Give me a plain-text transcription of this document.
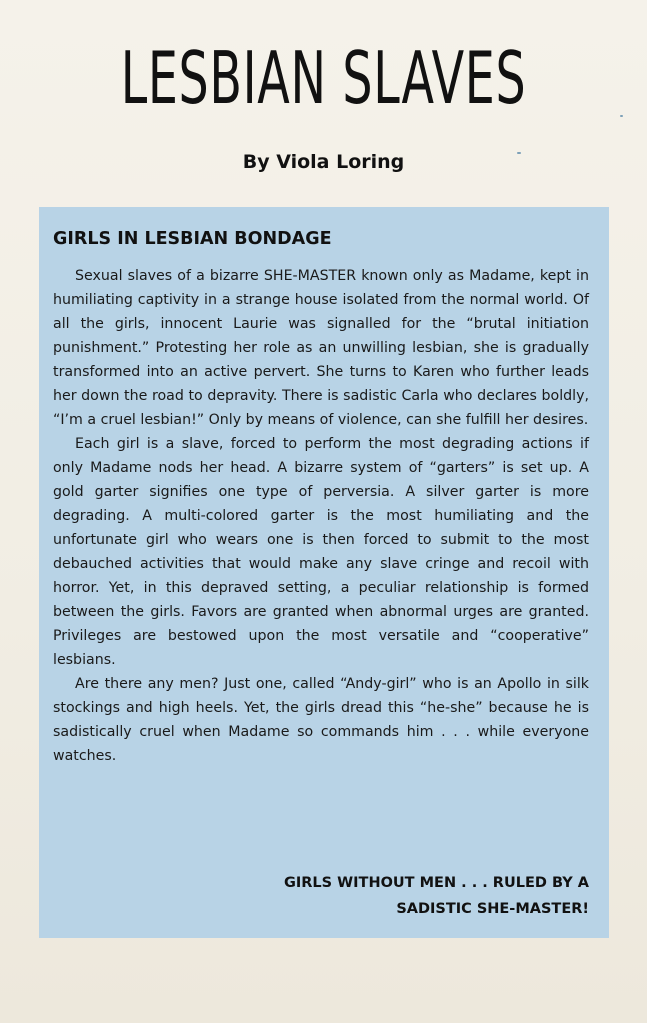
LESBIAN SLAVES
By Viola Loring
GIRLS IN LESBIAN BONDAGE

Sexual slaves of a bizarre SHE-MASTER known only as Madame, kept in humiliating captivity in a strange house isolated from the normal world. Of all the girls, innocent Laurie was signalled for the “brutal initiation punishment.” Protesting her role as an unwilling lesbian, she is gradually transformed into an active pervert. She turns to Karen who further leads her down the road to depravity. There is sadistic Carla who declares boldly, “I’m a cruel lesbian!” Only by means of violence, can she fulfill her desires.

Each girl is a slave, forced to perform the most degrading actions if only Madame nods her head. A bizarre system of “garters” is set up. A gold garter signifies one type of perversia. A silver garter is more degrading. A multi-colored garter is the most humiliating and the unfortunate girl who wears one is then forced to submit to the most debauched activities that would make any slave cringe and recoil with horror. Yet, in this depraved setting, a peculiar relationship is formed between the girls. Favors are granted when abnormal urges are granted. Privileges are bestowed upon the most versatile and “cooperative” lesbians.

Are there any men? Just one, called “Andy-girl” who is an Apollo in silk stockings and high heels. Yet, the girls dread this “he-she” because he is sadistically cruel when Madame so commands him . . . while everyone watches.

GIRLS WITHOUT MEN . . . RULED BY A
SADISTIC SHE-MASTER!
